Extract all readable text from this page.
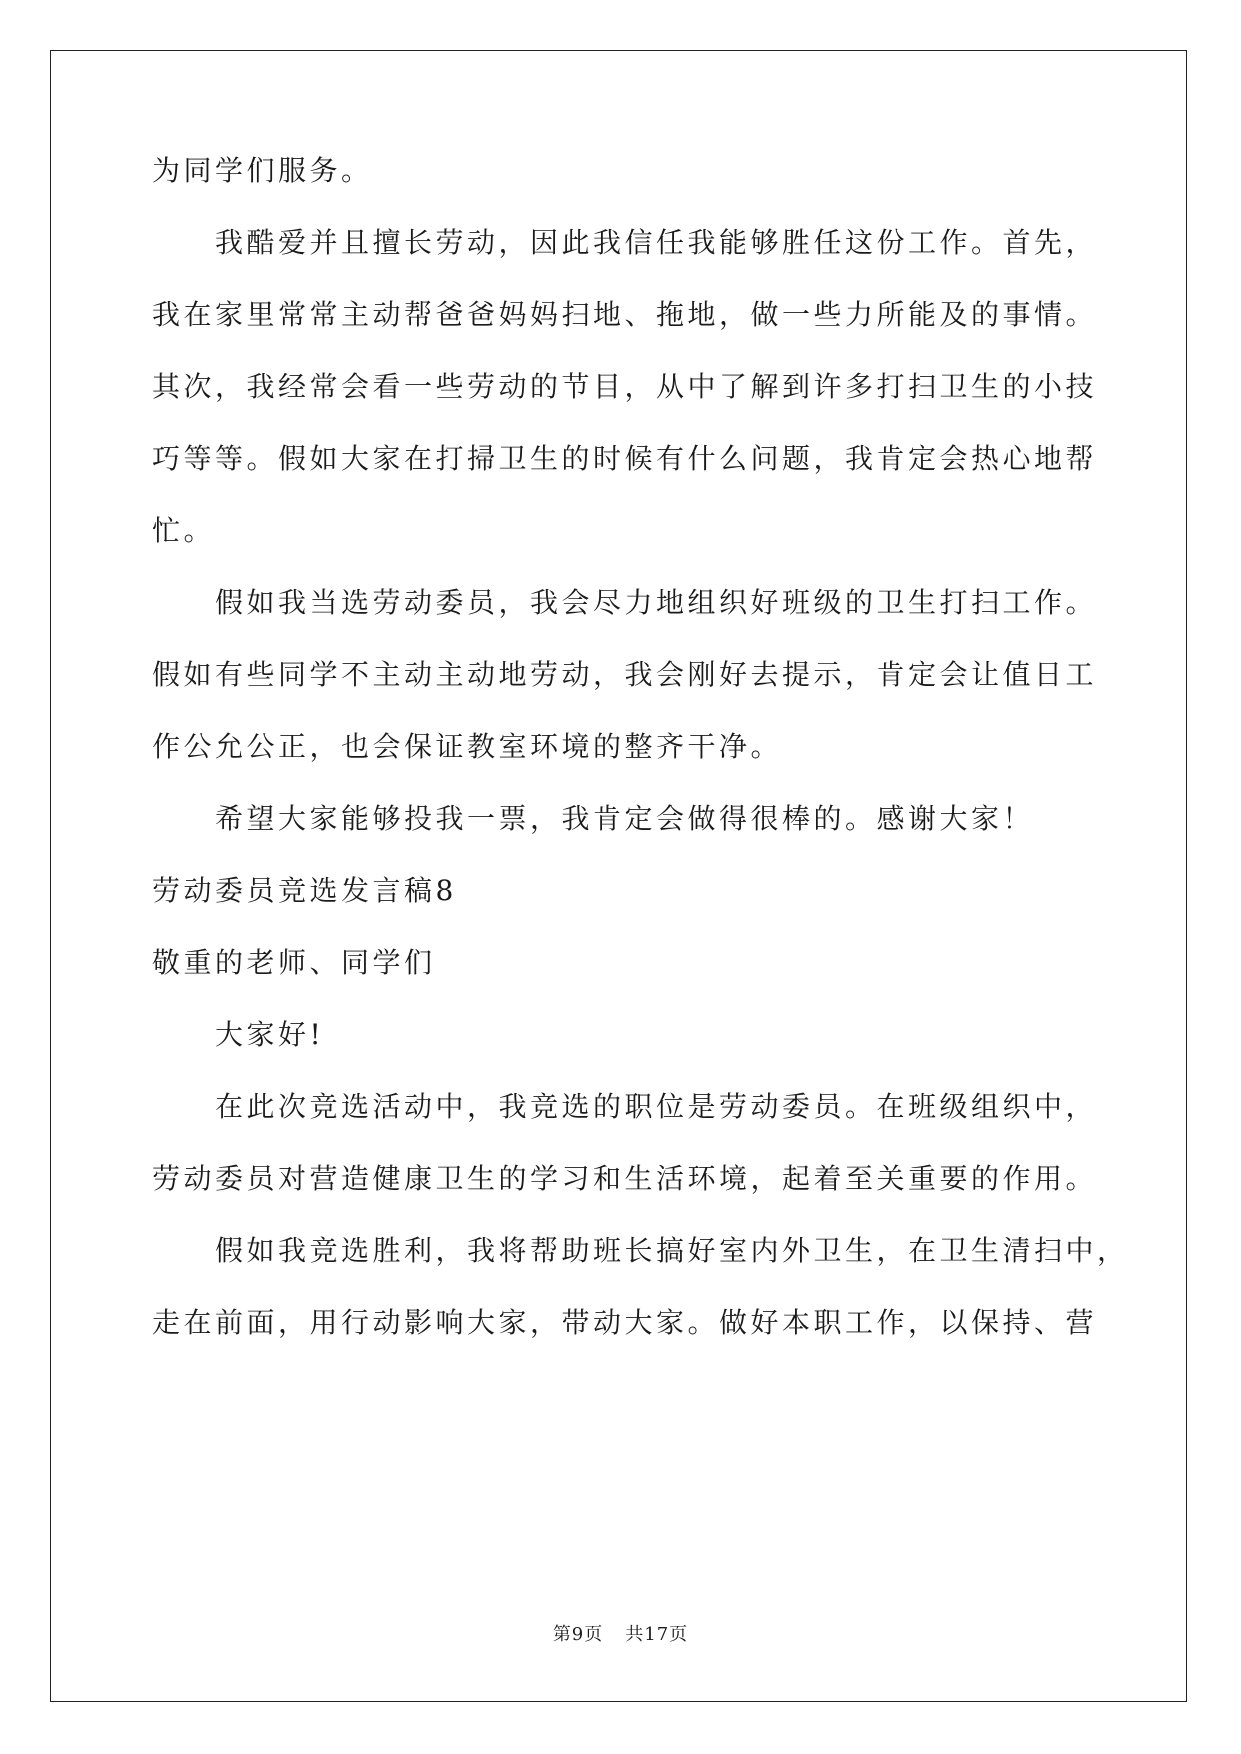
为同学们服务。
我酷爱并且擅长劳动，因此我信任我能够胜任这份工作。首先，
我在家里常常主动帮爸爸妈妈扫地、拖地，做一些力所能及的事情。
其次，我经常会看一些劳动的节目，从中了解到许多打扫卫生的小技
巧等等。假如大家在打掃卫生的时候有什么问题，我肯定会热心地帮
忙。
假如我当选劳动委员，我会尽力地组织好班级的卫生打扫工作。
假如有些同学不主动主动地劳动，我会刚好去提示，肯定会让值日工
作公允公正，也会保证教室环境的整齐干净。
希望大家能够投我一票，我肯定会做得很棒的。感谢大家！
劳动委员竞选发言稿8
敬重的老师、同学们
大家好!
在此次竞选活动中，我竞选的职位是劳动委员。在班级组织中，
劳动委员对营造健康卫生的学习和生活环境，起着至关重要的作用。
假如我竞选胜利，我将帮助班长搞好室内外卫生，在卫生清扫中，
走在前面，用行动影响大家，带动大家。做好本职工作，以保持、营
第9页 共17页
